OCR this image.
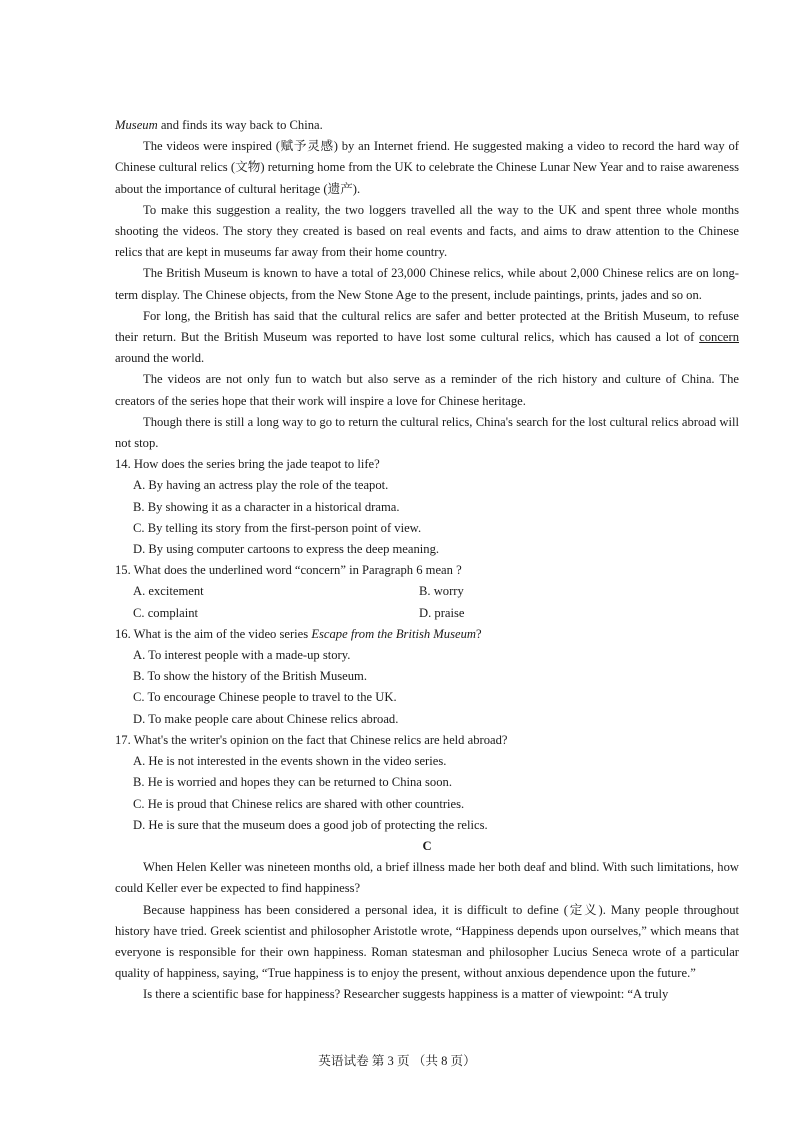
Museum and finds its way back to China.

The videos were inspired (赋予灵感) by an Internet friend. He suggested making a video to record the hard way of Chinese cultural relics (文物) returning home from the UK to celebrate the Chinese Lunar New Year and to raise awareness about the importance of cultural heritage (遗产).

To make this suggestion a reality, the two loggers travelled all the way to the UK and spent three whole months shooting the videos. The story they created is based on real events and facts, and aims to draw attention to the Chinese relics that are kept in museums far away from their home country.

The British Museum is known to have a total of 23,000 Chinese relics, while about 2,000 Chinese relics are on long-term display. The Chinese objects, from the New Stone Age to the present, include paintings, prints, jades and so on.

For long, the British has said that the cultural relics are safer and better protected at the British Museum, to refuse their return. But the British Museum was reported to have lost some cultural relics, which has caused a lot of concern around the world.

The videos are not only fun to watch but also serve as a reminder of the rich history and culture of China. The creators of the series hope that their work will inspire a love for Chinese heritage.

Though there is still a long way to go to return the cultural relics, China's search for the lost cultural relics abroad will not stop.

14. How does the series bring the jade teapot to life?

A. By having an actress play the role of the teapot.

B. By showing it as a character in a historical drama.

C. By telling its story from the first-person point of view.

D. By using computer cartoons to express the deep meaning.

15. What does the underlined word “concern” in Paragraph 6 mean ?

A. excitement	B. worry
C. complaint	D. praise

16. What is the aim of the video series Escape from the British Museum?

A. To interest people with a made-up story.

B. To show the history of the British Museum.

C. To encourage Chinese people to travel to the UK.

D. To make people care about Chinese relics abroad.

17. What's the writer's opinion on the fact that Chinese relics are held abroad?

A. He is not interested in the events shown in the video series.

B. He is worried and hopes they can be returned to China soon.

C. He is proud that Chinese relics are shared with other countries.

D. He is sure that the museum does a good job of protecting the relics.

C

When Helen Keller was nineteen months old, a brief illness made her both deaf and blind. With such limitations, how could Keller ever be expected to find happiness?

Because happiness has been considered a personal idea, it is difficult to define (定义). Many people throughout history have tried. Greek scientist and philosopher Aristotle wrote, “Happiness depends upon ourselves,” which means that everyone is responsible for their own happiness. Roman statesman and philosopher Lucius Seneca wrote of a particular quality of happiness, saying, “True happiness is to enjoy the present, without anxious dependence upon the future.”

Is there a scientific base for happiness? Researcher suggests happiness is a matter of viewpoint: “A truly

英语试卷 第 3 页 （共 8 页）
